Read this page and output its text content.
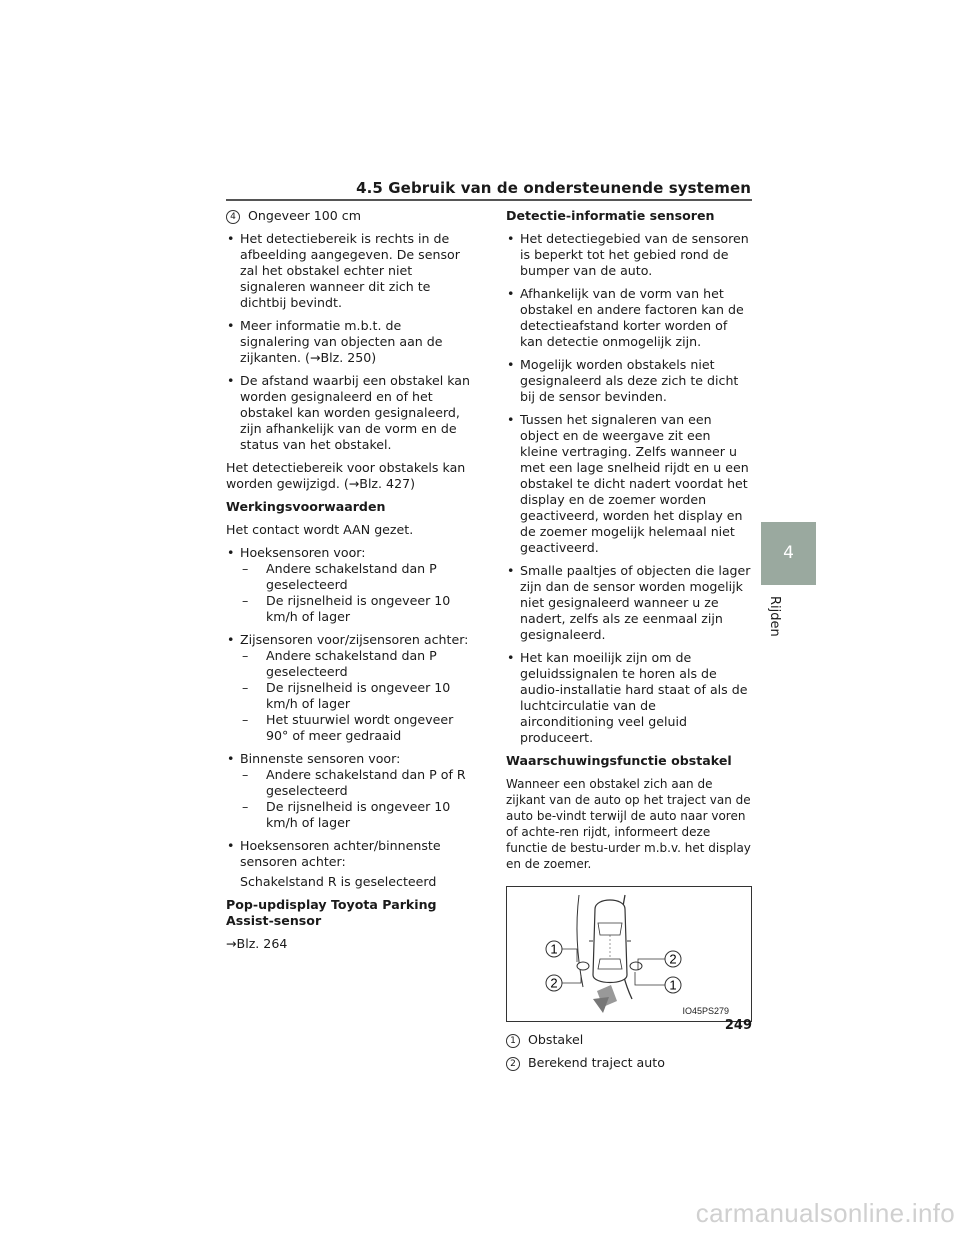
4.5 Gebruik van de ondersteunende systemen

4 Ongeveer 100 cm

• Het detectiebereik is rechts in de afbeelding aangegeven. De sensor zal het obstakel echter niet signaleren wanneer dit zich te dichtbij bevindt.
• Meer informatie m.b.t. de signalering van objecten aan de zijkanten. (→Blz. 250)
• De afstand waarbij een obstakel kan worden gesignaleerd en of het obstakel kan worden gesignaleerd, zijn afhankelijk van de vorm en de status van het obstakel.

Het detectiebereik voor obstakels kan worden gewijzigd. (→Blz. 427)

Werkingsvoorwaarden

Het contact wordt AAN gezet.

• Hoeksensoren voor:
– Andere schakelstand dan P geselecteerd
– De rijsnelheid is ongeveer 10 km/h of lager
• Zijsensoren voor/zijsensoren achter:
– Andere schakelstand dan P geselecteerd
– De rijsnelheid is ongeveer 10 km/h of lager
– Het stuurwiel wordt ongeveer 90° of meer gedraaid
• Binnenste sensoren voor:
– Andere schakelstand dan P of R geselecteerd
– De rijsnelheid is ongeveer 10 km/h of lager
• Hoeksensoren achter/binnenste sensoren achter:
Schakelstand R is geselecteerd

Pop-updisplay Toyota Parking Assist-sensor

→Blz. 264

Detectie-informatie sensoren

• Het detectiegebied van de sensoren is beperkt tot het gebied rond de bumper van de auto.
• Afhankelijk van de vorm van het obstakel en andere factoren kan de detectieafstand korter worden of kan detectie onmogelijk zijn.
• Mogelijk worden obstakels niet gesignaleerd als deze zich te dicht bij de sensor bevinden.
• Tussen het signaleren van een object en de weergave zit een kleine vertraging. Zelfs wanneer u met een lage snelheid rijdt en u een obstakel te dicht nadert voordat het display en de zoemer worden geactiveerd, worden het display en de zoemer mogelijk helemaal niet geactiveerd.
• Smalle paaltjes of objecten die lager zijn dan de sensor worden mogelijk niet gesignaleerd wanneer u ze nadert, zelfs als ze eenmaal zijn gesignaleerd.
• Het kan moeilijk zijn om de geluidssignalen te horen als de audio-installatie hard staat of als de luchtcirculatie van de airconditioning veel geluid produceert.

Waarschuwingsfunctie obstakel

Wanneer een obstakel zich aan de zijkant van de auto op het traject van de auto be-vindt terwijl de auto naar voren of achte-ren rijdt, informeert deze functie de bestu-urder m.b.v. het display en de zoemer.

1
2
2
1
IO45PS279

1 Obstakel

2 Berekend traject auto

4
Rijden
249
carmanualsonline.info
